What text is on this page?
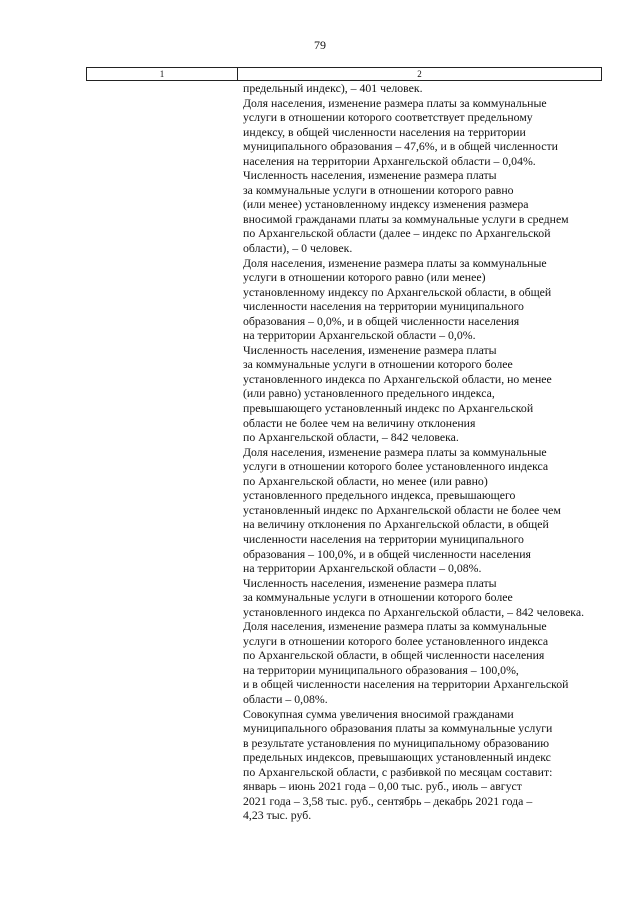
79
1	2
предельный индекс), – 401 человек.
Доля населения, изменение размера платы за коммунальные
услуги в отношении которого соответствует предельному
индексу, в общей численности населения на территории
муниципального образования – 47,6%, и в общей численности
населения на территории Архангельской области – 0,04%.
Численность населения, изменение размера платы
за коммунальные услуги в отношении которого равно
(или менее) установленному индексу изменения размера
вносимой гражданами платы за коммунальные услуги в среднем
по Архангельской области (далее – индекс по Архангельской
области), – 0 человек.
Доля населения, изменение размера платы за коммунальные
услуги в отношении которого равно (или менее)
установленному индексу по Архангельской области, в общей
численности населения на территории муниципального
образования – 0,0%, и в общей численности населения
на территории Архангельской области – 0,0%.
Численность населения, изменение размера платы
за коммунальные услуги в отношении которого более
установленного индекса по Архангельской области, но менее
(или равно) установленного предельного индекса,
превышающего установленный индекс по Архангельской
области не более чем на величину отклонения
по Архангельской области, – 842 человека.
Доля населения, изменение размера платы за коммунальные
услуги в отношении которого более установленного индекса
по Архангельской области, но менее (или равно)
установленного предельного индекса, превышающего
установленный индекс по Архангельской области не более чем
на величину отклонения по Архангельской области, в общей
численности населения на территории муниципального
образования – 100,0%, и в общей численности населения
на территории Архангельской области – 0,08%.
Численность населения, изменение размера платы
за коммунальные услуги в отношении которого более
установленного индекса по Архангельской области, – 842 человека.
Доля населения, изменение размера платы за коммунальные
услуги в отношении которого более установленного индекса
по Архангельской области, в общей численности населения
на территории муниципального образования – 100,0%,
и в общей численности населения на территории Архангельской
области – 0,08%.
Совокупная сумма увеличения вносимой гражданами
муниципального образования платы за коммунальные услуги
в результате установления по муниципальному образованию
предельных индексов, превышающих установленный индекс
по Архангельской области, с разбивкой по месяцам составит:
январь – июнь 2021 года – 0,00 тыс. руб., июль – август
2021 года – 3,58 тыс. руб., сентябрь – декабрь 2021 года –
4,23 тыс. руб.
